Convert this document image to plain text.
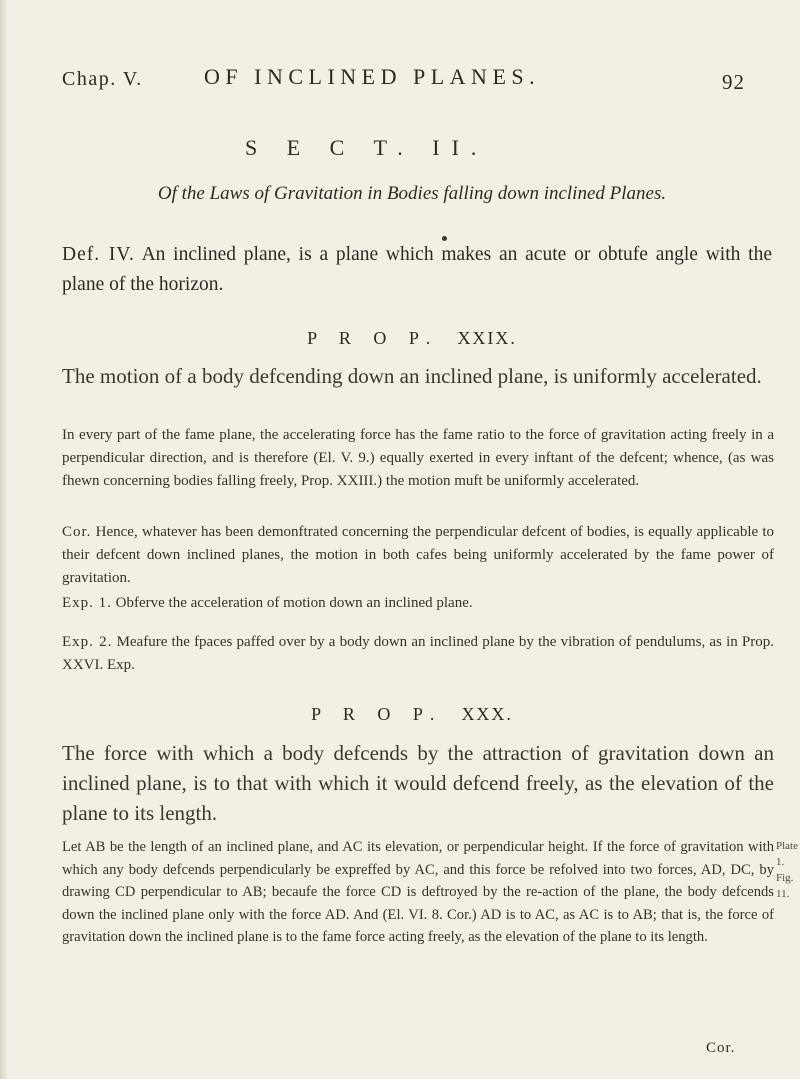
Chap. V.	OF INCLINED PLANES.	92
S E C T. II.
Of the Laws of Gravitation in Bodies falling down inclined Planes.
Def. IV. An inclined plane, is a plane which makes an acute or obtufe angle with the plane of the horizon.
P R O P. XXIX.
The motion of a body defcending down an inclined plane, is uniformly accelerated.
In every part of the fame plane, the accelerating force has the fame ratio to the force of gravitation acting freely in a perpendicular direction, and is therefore (El. V. 9.) equally exerted in every inftant of the defcent; whence, (as was fhewn concerning bodies falling freely, Prop. XXIII.) the motion muft be uniformly accelerated.
Cor. Hence, whatever has been demonftrated concerning the perpendicular defcent of bodies, is equally applicable to their defcent down inclined planes, the motion in both cafes being uniformly accelerated by the fame power of gravitation.
Exp. 1. Obferve the acceleration of motion down an inclined plane.
Exp. 2. Meafure the fpaces paffed over by a body down an inclined plane by the vibration of pendulums, as in Prop. XXVI. Exp.
P R O P. XXX.
The force with which a body defcends by the attraction of gravitation down an inclined plane, is to that with which it would defcend freely, as the elevation of the plane to its length.
Let AB be the length of an inclined plane, and AC its elevation, or perpendicular height. If the force of gravitation with which any body defcends perpendicularly be expreffed by AC, and this force be refolved into two forces, AD, DC, by drawing CD perpendicular to AB; becaufe the force CD is deftroyed by the re-action of the plane, the body defcends down the inclined plane only with the force AD. And (El. VI. 8. Cor.) AD is to AC, as AC is to AB; that is, the force of gravitation down the inclined plane is to the fame force acting freely, as the elevation of the plane to its length.
Plate 1.
Fig. 11.
Cor.
